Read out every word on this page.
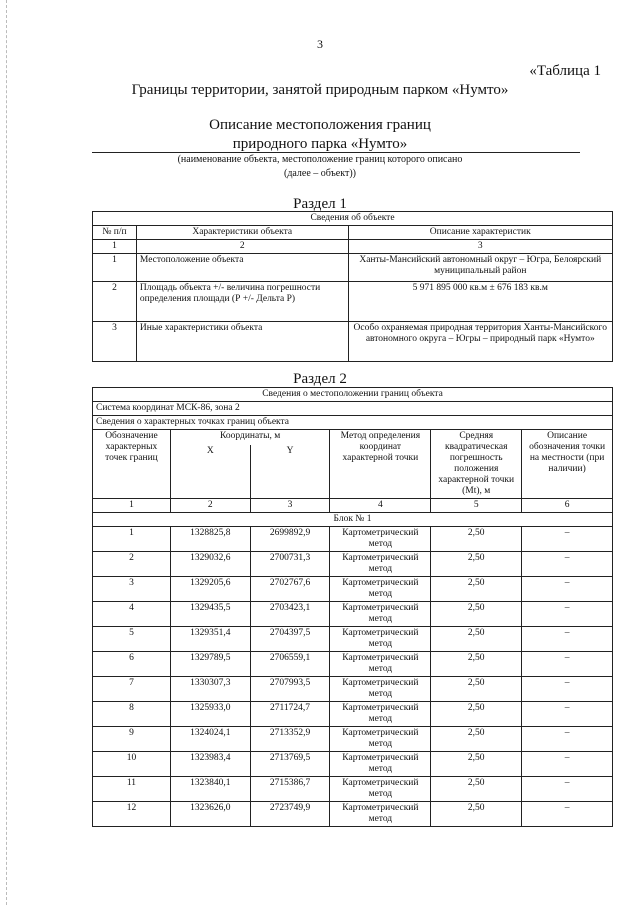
3
«Таблица 1
Границы территории, занятой природным парком «Нумто»
Описание местоположения границ
природного парка «Нумто»
(наименование объекта, местоположение границ которого описано
(далее – объект))
Раздел 1
Сведения об объекте		
№ п/п	Характеристики объекта	Описание характеристик
1	2	3
1	Местоположение объекта	Ханты-Мансийский автономный округ – Югра, Белоярский муниципальный район
2	Площадь объекта +/- величина погрешности определения площади (Р +/- Дельта Р)	5 971 895 000 кв.м ± 676 183 кв.м
3	Иные характеристики объекта	Особо охраняемая природная территория Ханты-Мансийского автономного округа – Югры – природный парк «Нумто»
Раздел 2
Сведения о местоположении границ объекта					
Система координат МСК-86, зона 2					
Сведения о характерных точках границ объекта					
Обозначение характерных точек границ	Координаты, м		Метод определения координат характерной точки	Средняя квадратическая погрешность положения характерной точки (Mt), м	Описание обозначения точки на местности (при наличии)
	X	Y			
1	2	3	4	5	6
Блок № 1					
1	1328825,8	2699892,9	Картометрический метод	2,50	–
2	1329032,6	2700731,3	Картометрический метод	2,50	–
3	1329205,6	2702767,6	Картометрический метод	2,50	–
4	1329435,5	2703423,1	Картометрический метод	2,50	–
5	1329351,4	2704397,5	Картометрический метод	2,50	–
6	1329789,5	2706559,1	Картометрический метод	2,50	–
7	1330307,3	2707993,5	Картометрический метод	2,50	–
8	1325933,0	2711724,7	Картометрический метод	2,50	–
9	1324024,1	2713352,9	Картометрический метод	2,50	–
10	1323983,4	2713769,5	Картометрический метод	2,50	–
11	1323840,1	2715386,7	Картометрический метод	2,50	–
12	1323626,0	2723749,9	Картометрический метод	2,50	–
